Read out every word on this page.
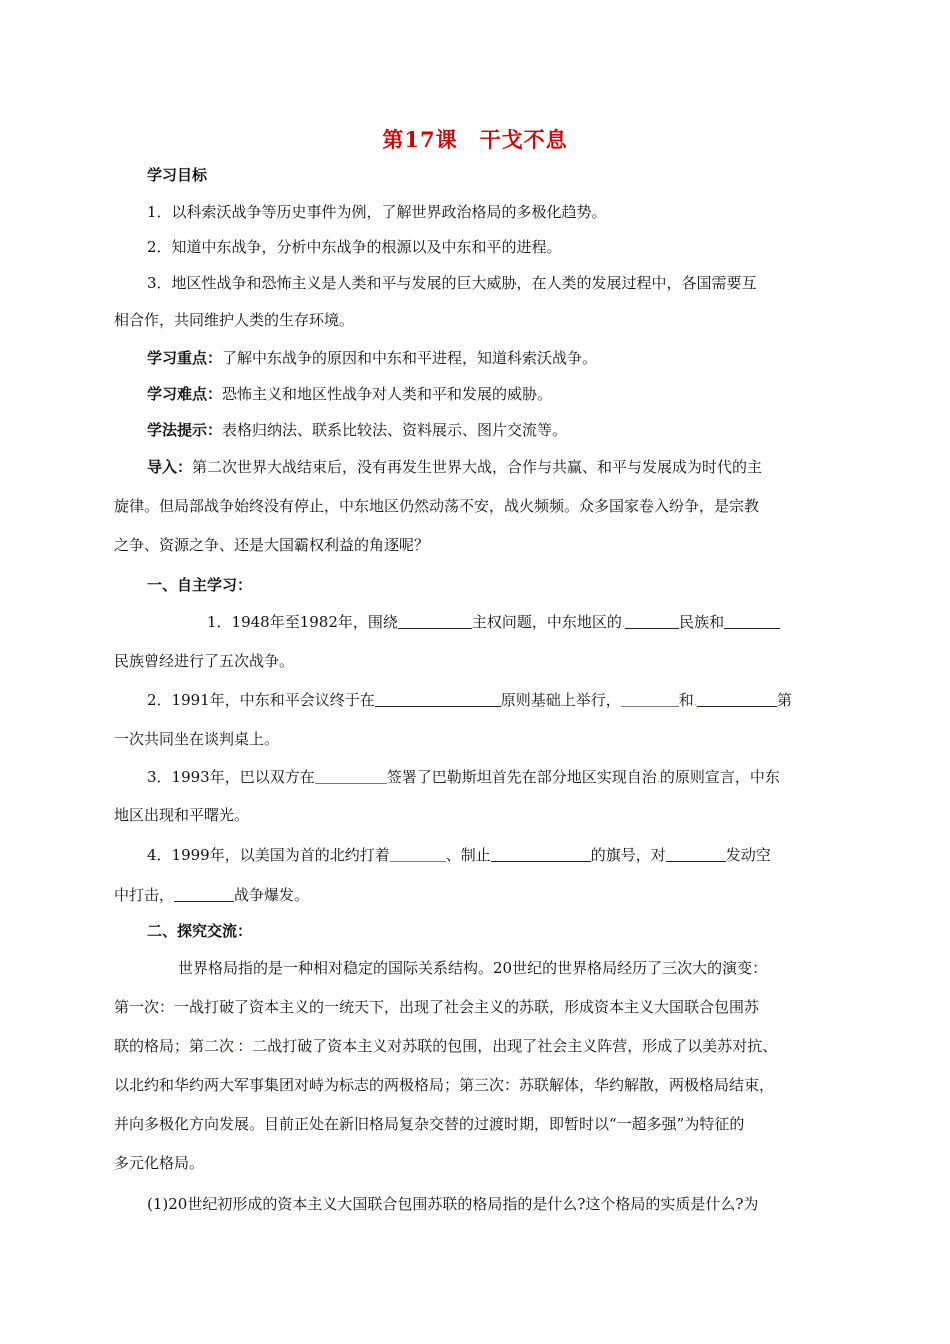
第17课　干戈不息
学习目标
1．以科索沃战争等历史事件为例，了解世界政治格局的多极化趋势。
2．知道中东战争，分析中东战争的根源以及中东和平的进程。
3．地区性战争和恐怖主义是人类和平与发展的巨大威胁，在人类的发展过程中，各国需要互
相合作，共同维护人类的生存环境。
学习重点：了解中东战争的原因和中东和平进程，知道科索沃战争。
学习难点：恐怖主义和地区性战争对人类和平和发展的威胁。
学法提示：表格归纳法、联系比较法、资料展示、图片交流等。
导入：第二次世界大战结束后，没有再发生世界大战，合作与共赢、和平与发展成为时代的主
旋律。但局部战争始终没有停止，中东地区仍然动荡不安，战火频频。众多国家卷入纷争，是宗教
之争、资源之争、还是大国霸权利益的角逐呢？
一、自主学习：
1．1948年至1982年，围绕	主权问题，中东地区的.	民族和
民族曾经进行了五次战争。
2．1991年，中东和平会议终于在	原则基础上举行，	和.	第
一次共同坐在谈判桌上。
3．1993年，巴以双方在	签署了巴勒斯坦首先在部分地区实现自治.的原则宣言，中东
地区出现和平曙光。
4．1999年，以美国为首的北约打着	、制止	的旗号，对	发动空
中打击，	战争爆发。
二、探究交流：
世界格局指的是一种相对稳定的国际关系结构。20世纪的世界格局经历了三次大的演变：
第一次：一战打破了资本主义的一统天下，出现了社会主义的苏联，形成资本主义大国联合包围苏
联的格局；第二次.：二战打破了资本主义对苏联的包围，出现了社会主义阵营，形成了以美苏对抗、
以北约和华约两大军事集团对峙为标志的两极格局；第三次：苏联解体，华约解散，两极格局结束，
并向多极化方向发展。目前正处在新旧格局复杂交替的过渡时期，即暂时以“一超多强”为特征的
多元化格局。
(1)20世纪初形成的资本主义大国联合包围苏联的格局指的是什么?这个格局的实质是什么?为
